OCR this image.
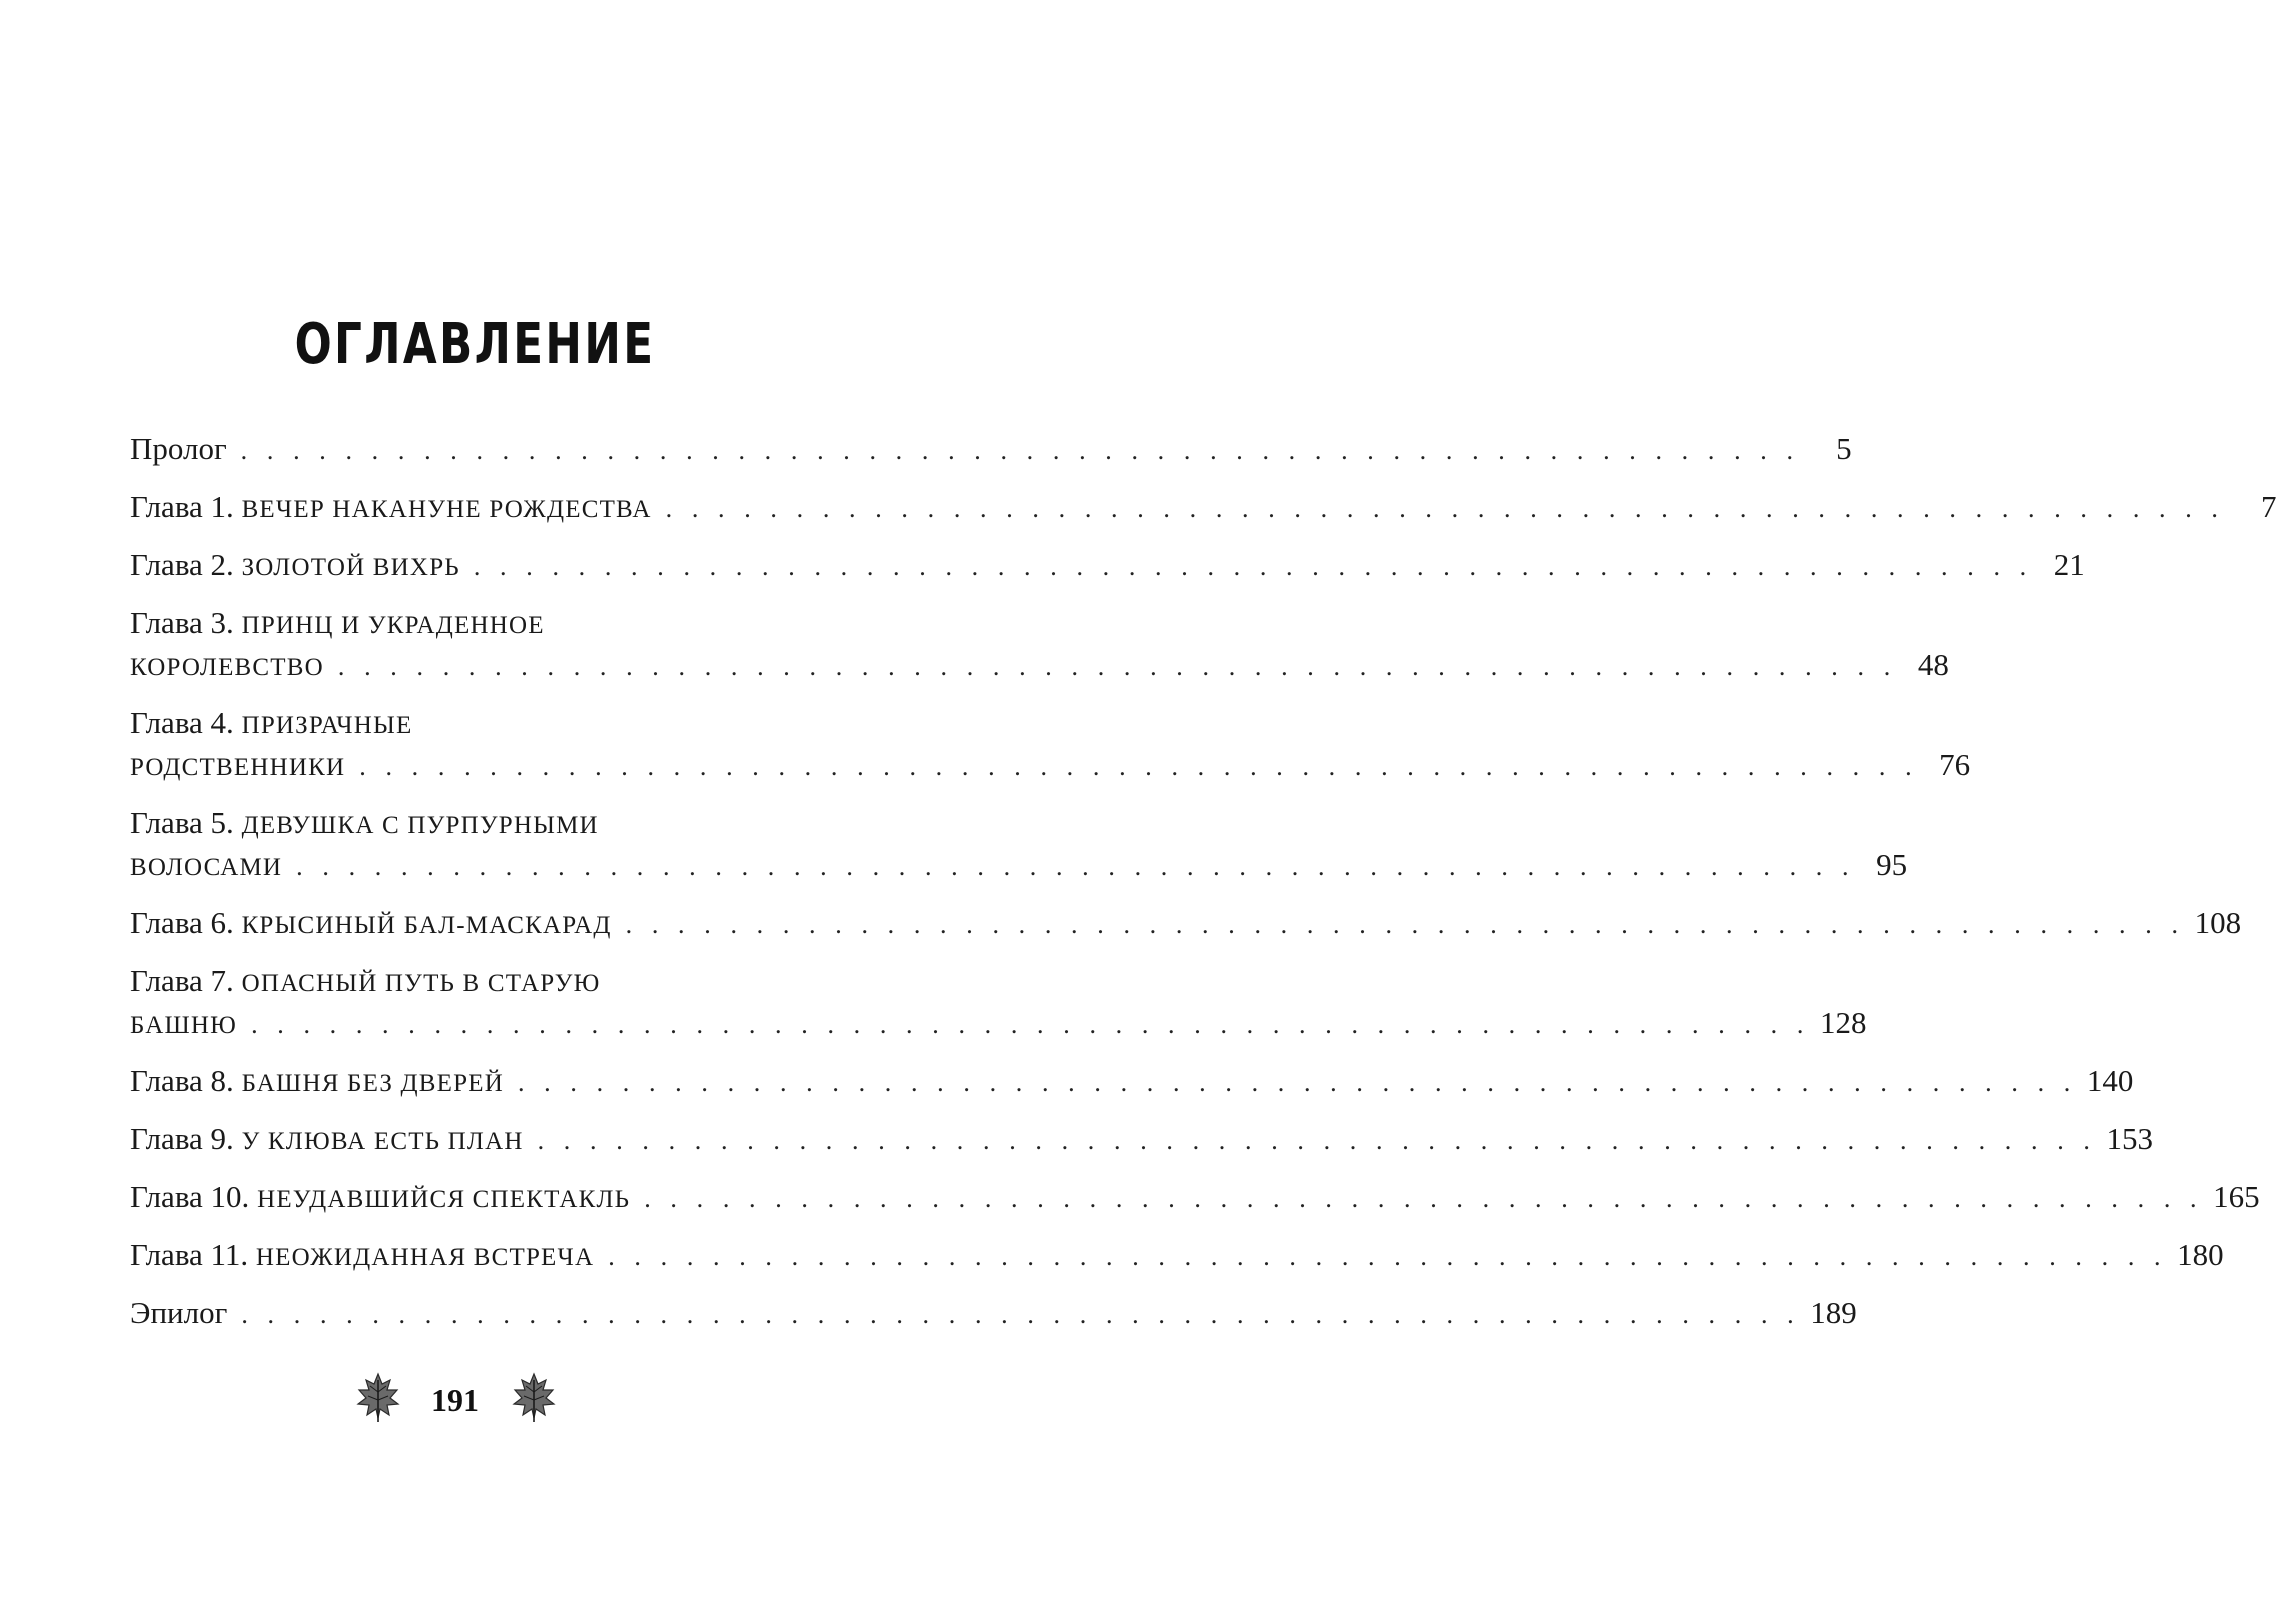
ОГЛАВЛЕНИЕ
Пролог . . . . . . . . . . . . . . . . . . . . . . . . . . . . . . . . . . . . . . . . . . . . . . . . . . . . . . . . . . . .	5
Глава 1. ВЕЧЕР НАКАНУНЕ РОЖДЕСТВА . . . . . . . . . . . . . . . . . . . . . . . . . . . . . . . . . . . . . . . . . . . . . . . . . . . . . . . . . . . .	7
Глава 2. ЗОЛОТОЙ ВИХРЬ . . . . . . . . . . . . . . . . . . . . . . . . . . . . . . . . . . . . . . . . . . . . . . . . . . . . . . . . . . . . 21
Глава 3. ПРИНЦ И УКРАДЕННОЕ
КОРОЛЕВСТВО . . . . . . . . . . . . . . . . . . . . . . . . . . . . . . . . . . . . . . . . . . . . . . . . . . . . . . . . . . . . 48
Глава 4. ПРИЗРАЧНЫЕ
РОДСТВЕННИКИ . . . . . . . . . . . . . . . . . . . . . . . . . . . . . . . . . . . . . . . . . . . . . . . . . . . . . . . . . . . . 76
Глава 5. ДЕВУШКА С ПУРПУРНЫМИ
ВОЛОСАМИ . . . . . . . . . . . . . . . . . . . . . . . . . . . . . . . . . . . . . . . . . . . . . . . . . . . . . . . . . . . . 95
Глава 6. КРЫСИНЫЙ БАЛ-МАСКАРАД . . . . . . . . . . . . . . . . . . . . . . . . . . . . . . . . . . . . . . . . . . . . . . . . . . . . . . . . . . . . 108
Глава 7. ОПАСНЫЙ ПУТЬ В СТАРУЮ
БАШНЮ . . . . . . . . . . . . . . . . . . . . . . . . . . . . . . . . . . . . . . . . . . . . . . . . . . . . . . . . . . . . 128
Глава 8. БАШНЯ БЕЗ ДВЕРЕЙ . . . . . . . . . . . . . . . . . . . . . . . . . . . . . . . . . . . . . . . . . . . . . . . . . . . . . . . . . . . . 140
Глава 9. У КЛЮВА ЕСТЬ ПЛАН . . . . . . . . . . . . . . . . . . . . . . . . . . . . . . . . . . . . . . . . . . . . . . . . . . . . . . . . . . . . 153
Глава 10. НЕУДАВШИЙСЯ СПЕКТАКЛЬ . . . . . . . . . . . . . . . . . . . . . . . . . . . . . . . . . . . . . . . . . . . . . . . . . . . . . . . . . . . . 165
Глава 11. НЕОЖИДАННАЯ ВСТРЕЧА . . . . . . . . . . . . . . . . . . . . . . . . . . . . . . . . . . . . . . . . . . . . . . . . . . . . . . . . . . . . 180
Эпилог . . . . . . . . . . . . . . . . . . . . . . . . . . . . . . . . . . . . . . . . . . . . . . . . . . . . . . . . . . . . 189
191
